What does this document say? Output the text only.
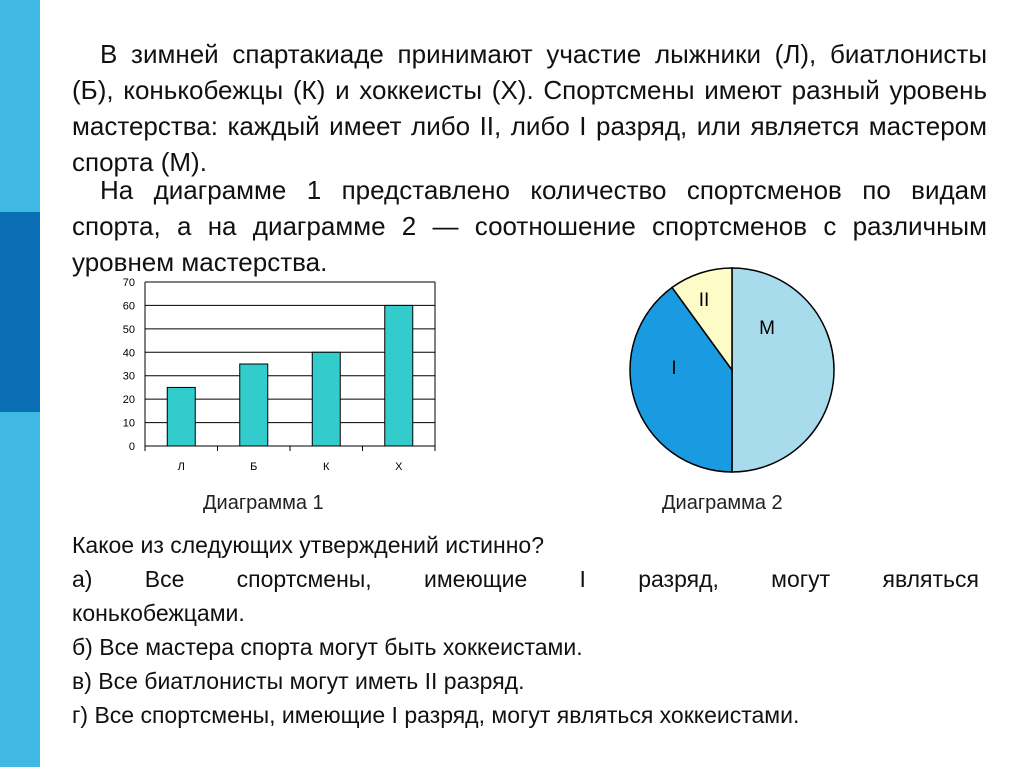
В зимней спартакиаде принимают участие лыжники (Л), биатлонисты (Б), конькобежцы (К) и хоккеисты (Х). Спортсмены имеют разный уровень мастерства: каждый имеет либо II, либо I разряд, или является мастером спорта (М).

На диаграмме 1 представлено количество спортсменов по видам спорта, а на диаграмме 2 — соотношение спортсменов с различным уровнем мастерства.

0
10
20
30
40
50
60
70
Л	Б	К	Х
М
I
II
Диаграмма 1	Диаграмма 2
Какое из следующих утверждений истинно?
а) Все спортсмены, имеющие I разряд, могут являться
конькобежцами.
б) Все мастера спорта могут быть хоккеистами.
в) Все биатлонисты могут иметь II разряд.
г) Все спортсмены, имеющие I разряд, могут являться хоккеистами.
